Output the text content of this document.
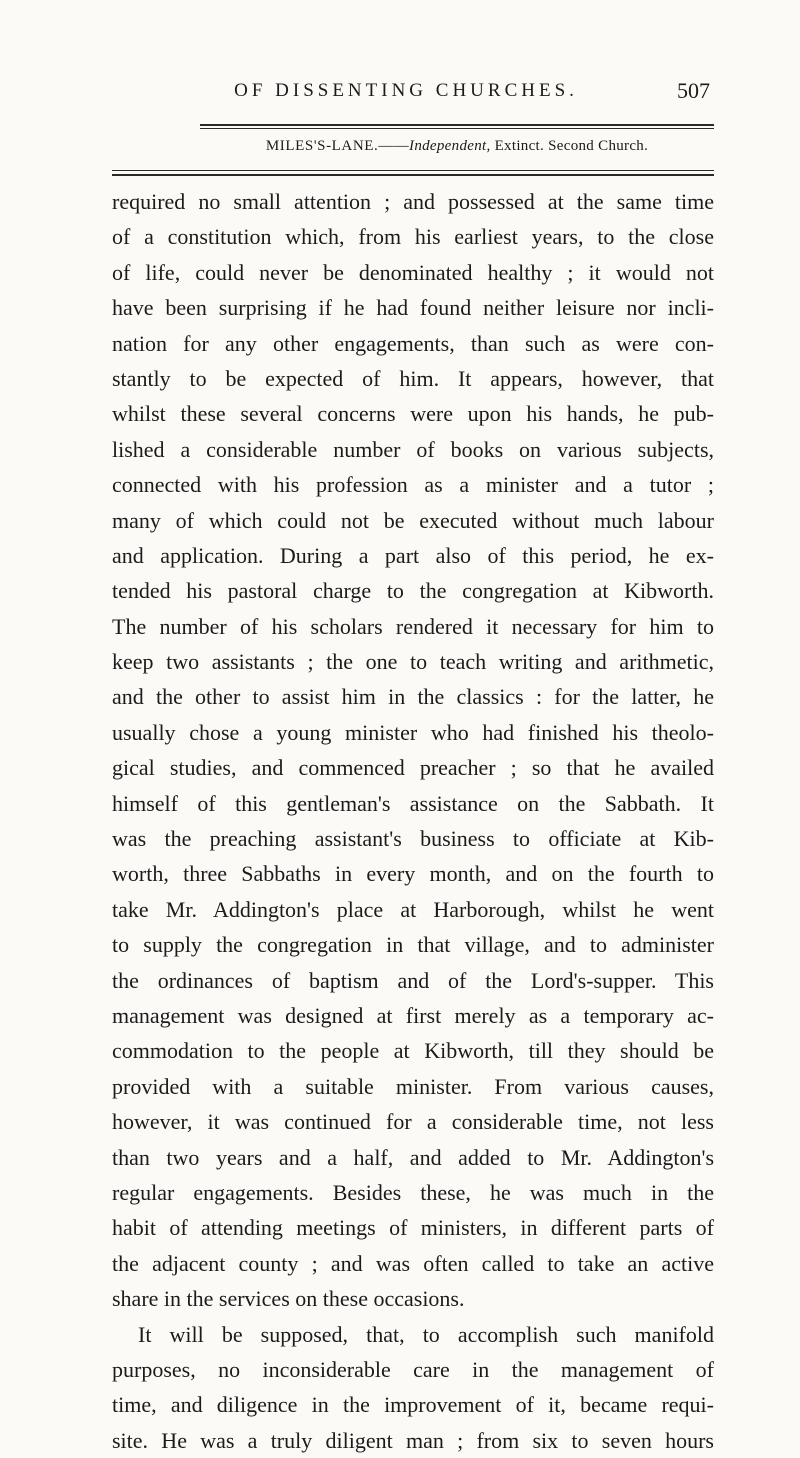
OF DISSENTING CHURCHES.	507
MILES'S-LANE.——Independent, Extinct. Second Church.
required no small attention ; and possessed at the same time
of a constitution which, from his earliest years, to the close
of life, could never be denominated healthy ; it would not
have been surprising if he had found neither leisure nor incli-
nation for any other engagements, than such as were con-
stantly to be expected of him. It appears, however, that
whilst these several concerns were upon his hands, he pub-
lished a considerable number of books on various subjects,
connected with his profession as a minister and a tutor ;
many of which could not be executed without much labour
and application. During a part also of this period, he ex-
tended his pastoral charge to the congregation at Kibworth.
The number of his scholars rendered it necessary for him to
keep two assistants ; the one to teach writing and arithmetic,
and the other to assist him in the classics : for the latter, he
usually chose a young minister who had finished his theolo-
gical studies, and commenced preacher ; so that he availed
himself of this gentleman's assistance on the Sabbath. It
was the preaching assistant's business to officiate at Kib-
worth, three Sabbaths in every month, and on the fourth to
take Mr. Addington's place at Harborough, whilst he went
to supply the congregation in that village, and to administer
the ordinances of baptism and of the Lord's-supper. This
management was designed at first merely as a temporary ac-
commodation to the people at Kibworth, till they should be
provided with a suitable minister. From various causes,
however, it was continued for a considerable time, not less
than two years and a half, and added to Mr. Addington's
regular engagements. Besides these, he was much in the
habit of attending meetings of ministers, in different parts of
the adjacent county ; and was often called to take an active
share in the services on these occasions.
It will be supposed, that, to accomplish such manifold
purposes, no inconsiderable care in the management of
time, and diligence in the improvement of it, became requi-
site. He was a truly diligent man ; from six to seven hours
